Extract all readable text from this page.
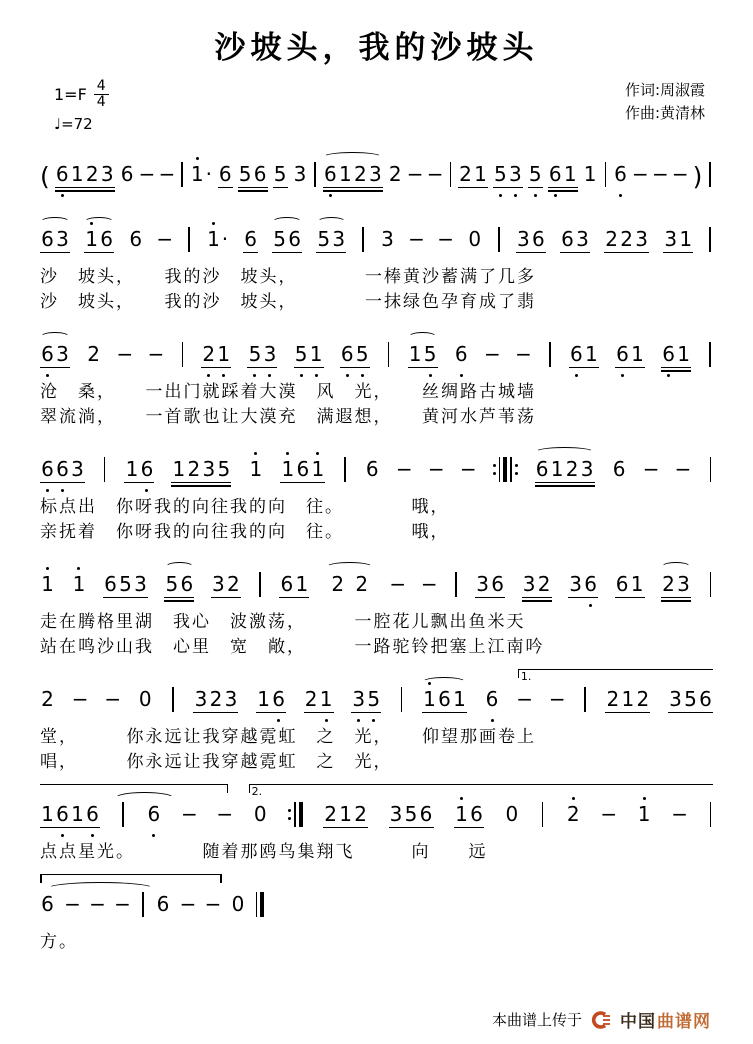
沙坡头，我的沙坡头
$1=F \frac{4}{4}$
♩=72
作词:周淑霞
作曲:黄清林
( 6 1 2 3 6 − − 1 · 6 5 6 5 3 6 1 2 3 2 − − 2 1 5 3 5 6 1 1 6 − − − )
6 3 1 6 6 − 1 · 6 5 6 5 3 3 − − 0 3 6 6 3 2 2 3 3 1
沙　坡头，　　我的沙　坡头，　　　　一棒黄沙蓄满了几多
沙　坡头，　　我的沙　坡头，　　　　一抹绿色孕育成了翡
6 3 2 − − 2 1 5 3 5 1 6 5 1 5 6 − − 6 1 6 1 6 1
沧　桑，　　一出门就踩着大漠　风　光，　　丝绸路古城墙
翠流淌，　　一首歌也让大漠充　满遐想，　　黄河水芦苇荡
6 6 3 1 6 1 2 3 5 1 1 6 1 6 − − −	6 1 2 3 6 − −
标点出　你呀我的向往我的向　往。　　　　哦，
亲抚着　你呀我的向往我的向　往。　　　　哦，
1 1 6 5 3 5 6 3 2 6 1 2 2 − − 3 6 3 2 3 6 6 1 2 3
走在腾格里湖　我心　波激荡，　　　一腔花儿飘出鱼米天
站在鸣沙山我　心里　宽　敞，　　　一路驼铃把塞上江南吟
1.
2 − − 0 3 2 3 1 6 2 1 3 5 1 6 1 6 − − 2 1 2 3 5 6
堂，　　　你永远让我穿越霓虹　之　光，　　仰望那画卷上
唱，　　　你永远让我穿越霓虹　之　光，
2.
1 6 1 6 6 − − 0	2 1 2 3 5 6 1 6 0 2 − 1 −
点点星光。　　　　随着那鸥鸟集翔飞　　　向　　远
6 − − − 6 − − 0
方。
本曲谱上传于 中国 曲谱网
